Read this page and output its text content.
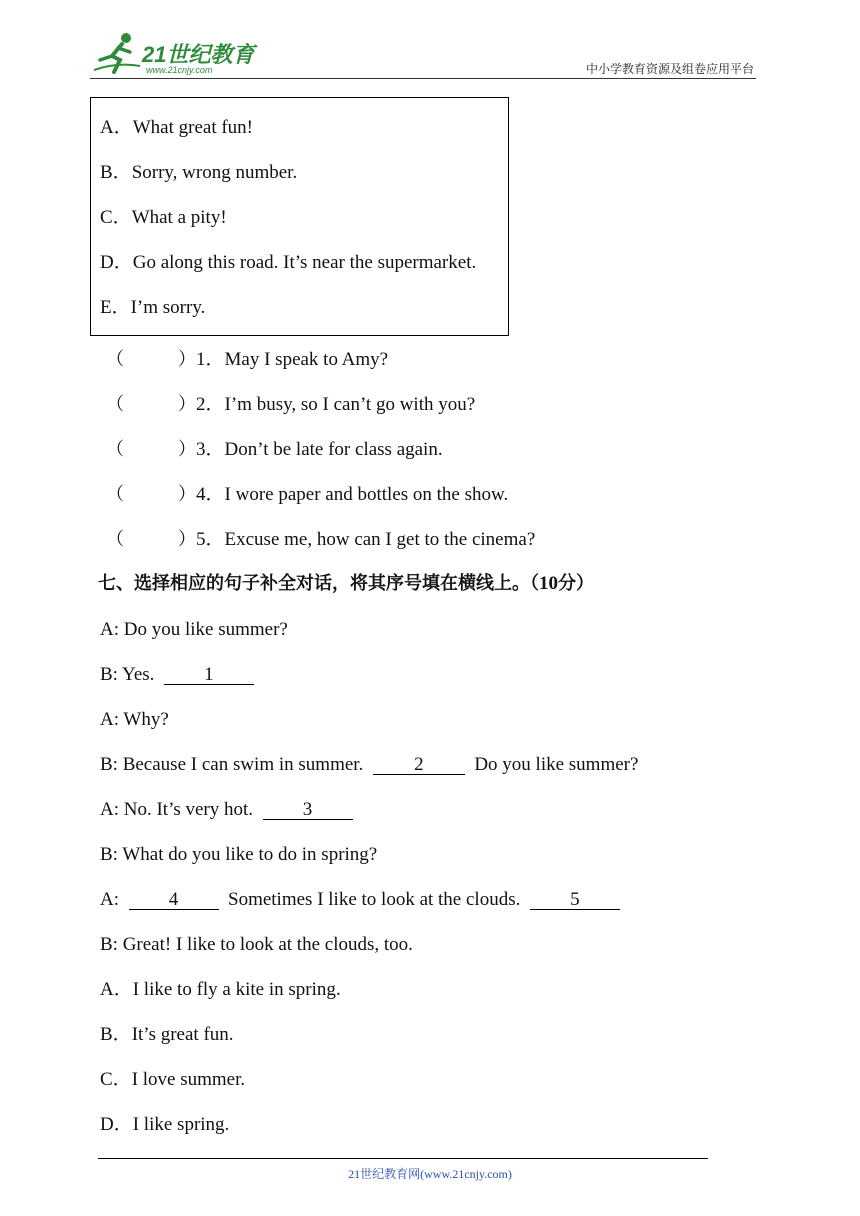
21世纪教育
www.21cnjy.com	中小学教育资源及组卷应用平台
A．What great fun!
B．Sorry, wrong number.
C．What a pity!
D．Go along this road. It’s near the supermarket.
E．I’m sorry.
（　　　）1．May I speak to Amy?
（　　　）2．I’m busy, so I can’t go with you?
（　　　）3．Don’t be late for class again.
（　　　）4．I wore paper and bottles on the show.
（　　　）5．Excuse me, how can I get to the cinema?
七、选择相应的句子补全对话，将其序号填在横线上。（10分）
A: Do you like summer?
B: Yes.	1
A: Why?
B: Because I can swim in summer.	2	Do you like summer?
A: No. It’s very hot.	3
B: What do you like to do in spring?
A:	4	Sometimes I like to look at the clouds.	5
B: Great! I like to look at the clouds, too.
A．I like to fly a kite in spring.
B．It’s great fun.
C．I love summer.
D．I like spring.
21世纪教育网(www.21cnjy.com)
